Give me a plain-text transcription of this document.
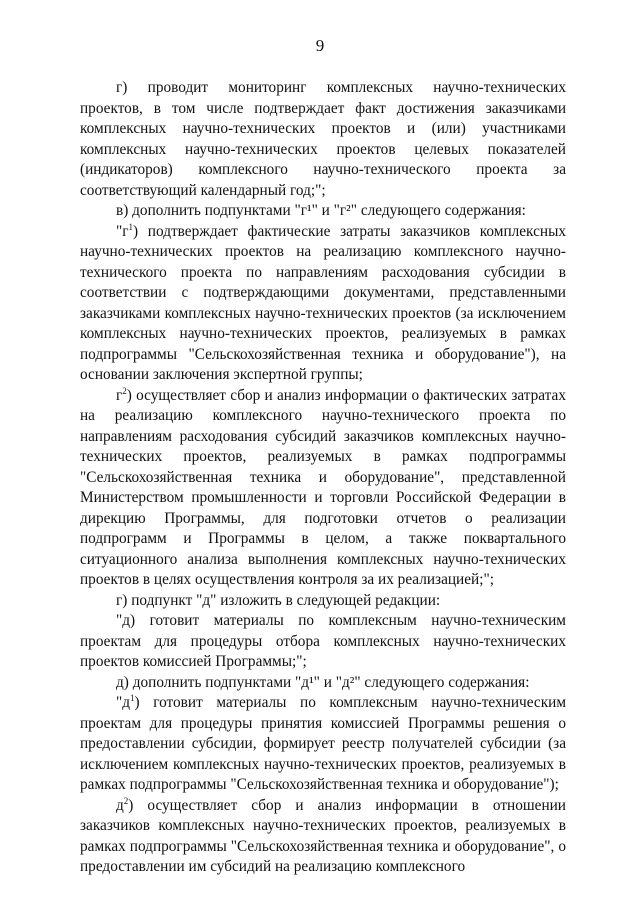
9

г) проводит мониторинг комплексных научно-технических проектов, в том числе подтверждает факт достижения заказчиками комплексных научно-технических проектов и (или) участниками комплексных научно-технических проектов целевых показателей (индикаторов) комплексного научно-технического проекта за соответствующий календарный год;";

в) дополнить подпунктами "г¹" и "г²" следующего содержания:

"$г^1$) подтверждает фактические затраты заказчиков комплексных научно-технических проектов на реализацию комплексного научно-технического проекта по направлениям расходования субсидии в соответствии с подтверждающими документами, представленными заказчиками комплексных научно-технических проектов (за исключением комплексных научно-технических проектов, реализуемых в рамках подпрограммы "Сельскохозяйственная техника и оборудование"), на основании заключения экспертной группы;

$г^2$) осуществляет сбор и анализ информации о фактических затратах на реализацию комплексного научно-технического проекта по направлениям расходования субсидий заказчиков комплексных научно-технических проектов, реализуемых в рамках подпрограммы "Сельскохозяйственная техника и оборудование", представленной Министерством промышленности и торговли Российской Федерации в дирекцию Программы, для подготовки отчетов о реализации подпрограмм и Программы в целом, а также поквартального ситуационного анализа выполнения комплексных научно-технических проектов в целях осуществления контроля за их реализацией;";

г) подпункт "д" изложить в следующей редакции:

"д) готовит материалы по комплексным научно-техническим проектам для процедуры отбора комплексных научно-технических проектов комиссией Программы;";

д) дополнить подпунктами "д¹" и "д²" следующего содержания:

"$д^1$) готовит материалы по комплексным научно-техническим проектам для процедуры принятия комиссией Программы решения о предоставлении субсидии, формирует реестр получателей субсидии (за исключением комплексных научно-технических проектов, реализуемых в рамках подпрограммы "Сельскохозяйственная техника и оборудование");

$д^2$) осуществляет сбор и анализ информации в отношении заказчиков комплексных научно-технических проектов, реализуемых в рамках подпрограммы "Сельскохозяйственная техника и оборудование", о предоставлении им субсидий на реализацию комплексного
